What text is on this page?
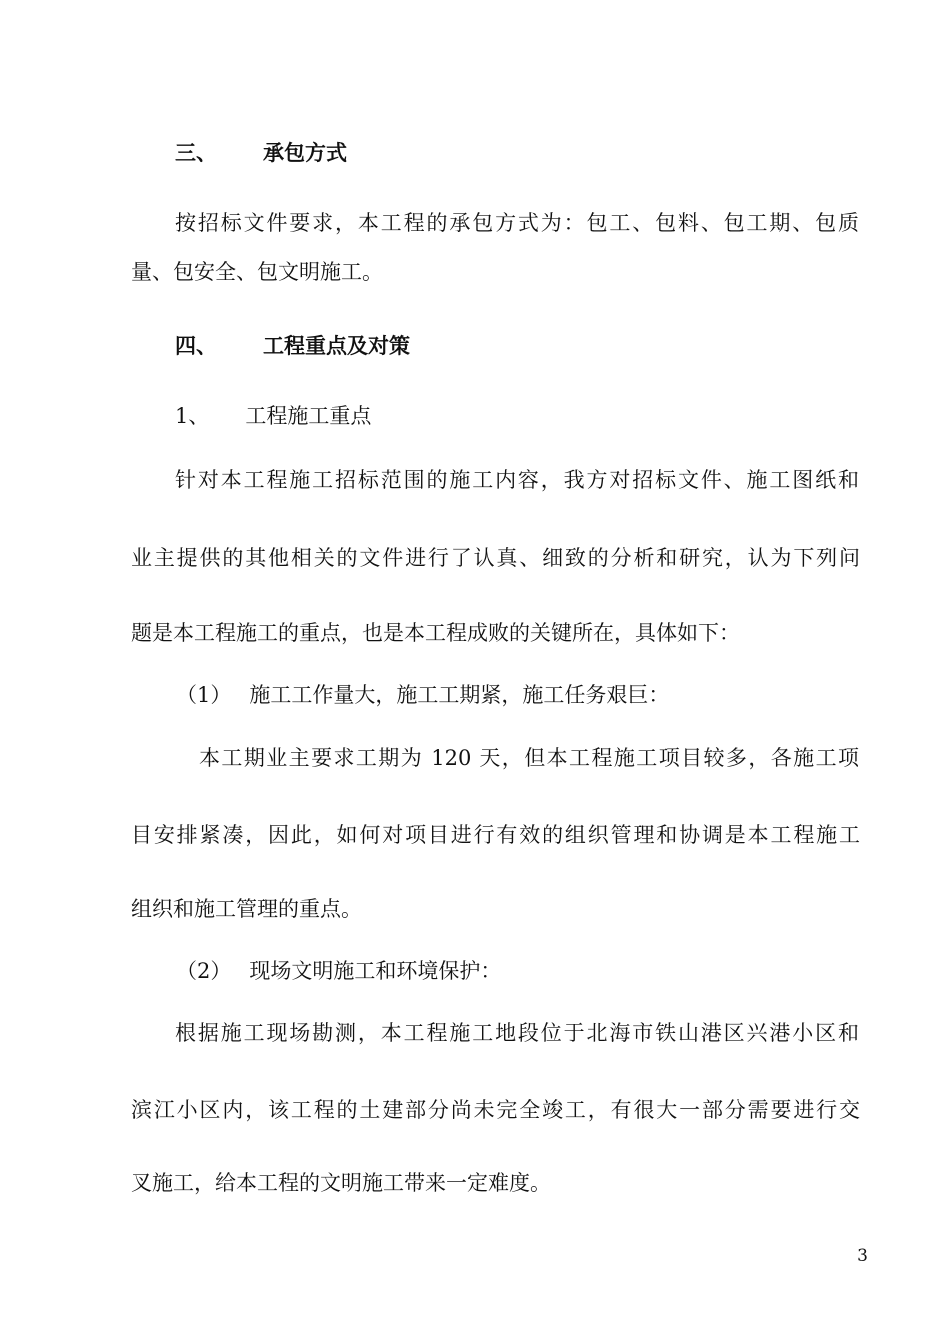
三、 承包方式

按招标文件要求，本工程的承包方式为：包工、包料、包工期、包质

量、包安全、包文明施工。

四、 工程重点及对策
1、 工程施工重点

针对本工程施工招标范围的施工内容，我方对招标文件、施工图纸和

业主提供的其他相关的文件进行了认真、细致的分析和研究，认为下列问

题是本工程施工的重点，也是本工程成败的关键所在，具体如下：

（1） 施工工作量大，施工工期紧，施工任务艰巨：

本工期业主要求工期为 120 天，但本工程施工项目较多，各施工项

目安排紧凑，因此，如何对项目进行有效的组织管理和协调是本工程施工

组织和施工管理的重点。

（2） 现场文明施工和环境保护：

根据施工现场勘测，本工程施工地段位于北海市铁山港区兴港小区和

滨江小区内，该工程的土建部分尚未完全竣工，有很大一部分需要进行交

叉施工，给本工程的文明施工带来一定难度。

3
